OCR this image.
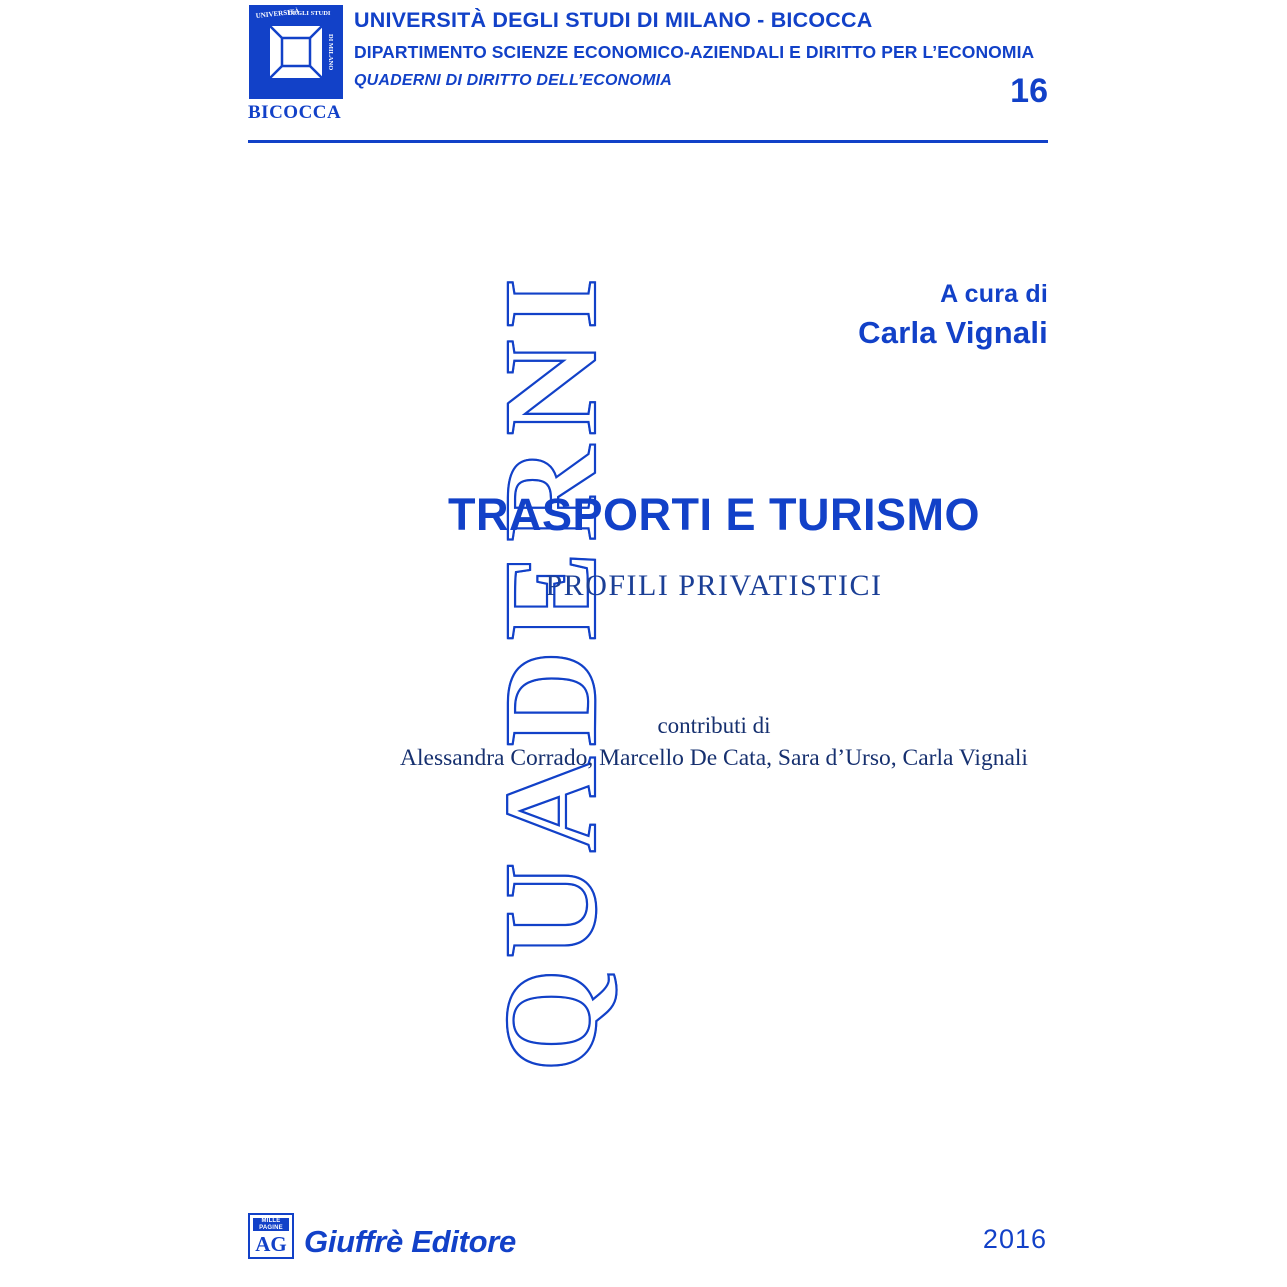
UNIVERSITÀ
DEGLI STUDI
DI MILANO
BICOCCA
UNIVERSITÀ DEGLI STUDI DI MILANO - BICOCCA
DIPARTIMENTO SCIENZE ECONOMICO-AZIENDALI E DIRITTO PER L’ECONOMIA
QUADERNI DI DIRITTO DELL’ECONOMIA	16
QUADERNI	A cura di
Carla Vignali
TRASPORTI E TURISMO
PROFILI PRIVATISTICI
contributi di
Alessandra Corrado, Marcello De Cata, Sara d’Urso, Carla Vignali
MILLE PAGINE
AG Giuffrè Editore	2016
